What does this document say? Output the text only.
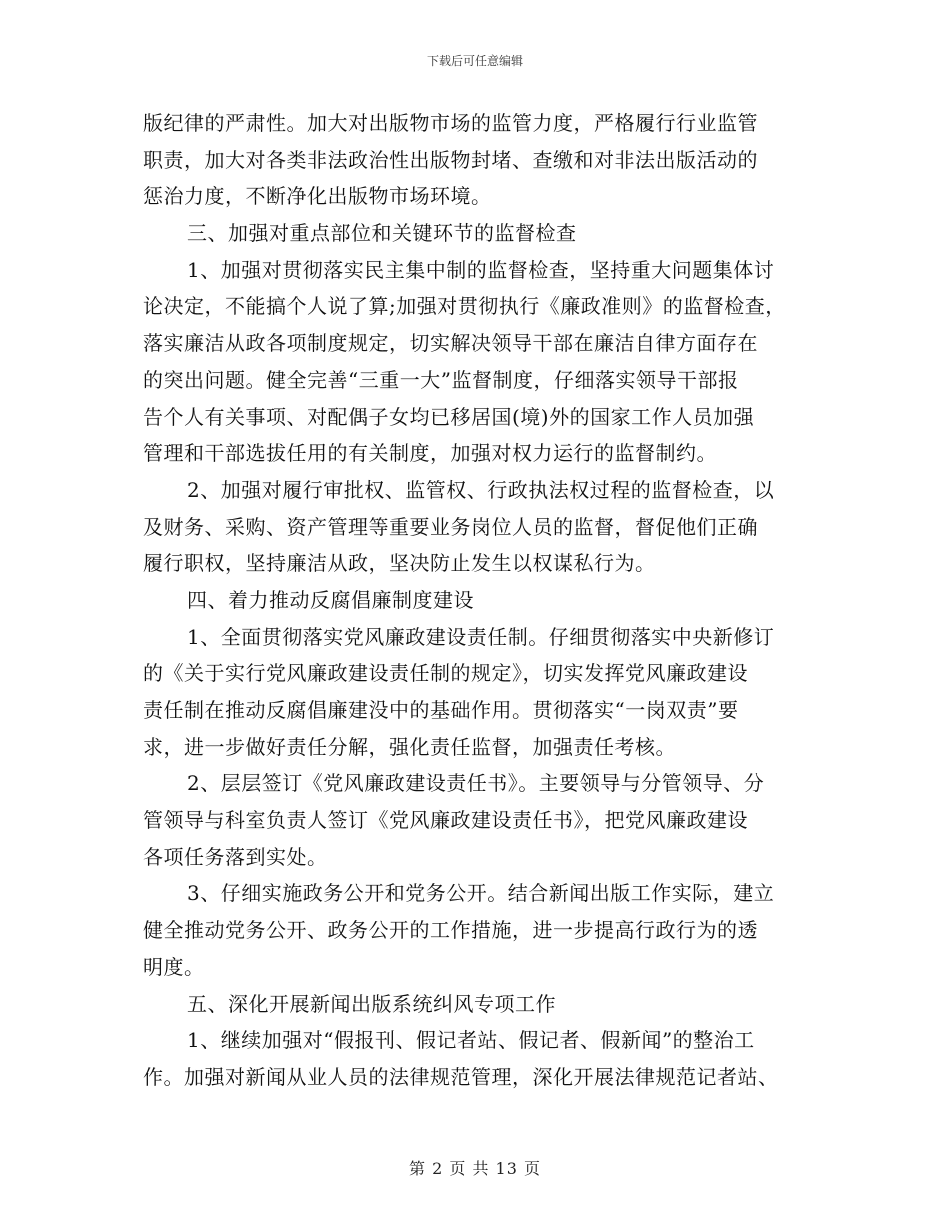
下载后可任意编辑
版纪律的严肃性。加大对出版物市场的监管力度，严格履行行业监管
职责，加大对各类非法政治性出版物封堵、查缴和对非法出版活动的
惩治力度，不断净化出版物市场环境。
三、加强对重点部位和关键环节的监督检查
1、加强对贯彻落实民主集中制的监督检查，坚持重大问题集体讨
论决定，不能搞个人说了算;加强对贯彻执行《廉政准则》的监督检查，
落实廉洁从政各项制度规定，切实解决领导干部在廉洁自律方面存在
的突出问题。健全完善“三重一大”监督制度，仔细落实领导干部报
告个人有关事项、对配偶子女均已移居国(境)外的国家工作人员加强
管理和干部选拔任用的有关制度，加强对权力运行的监督制约。
2、加强对履行审批权、监管权、行政执法权过程的监督检查，以
及财务、采购、资产管理等重要业务岗位人员的监督，督促他们正确
履行职权，坚持廉洁从政，坚决防止发生以权谋私行为。
四、着力推动反腐倡廉制度建设
1、全面贯彻落实党风廉政建设责任制。仔细贯彻落实中央新修订
的《关于实行党风廉政建设责任制的规定》，切实发挥党风廉政建设
责任制在推动反腐倡廉建没中的基础作用。贯彻落实“一岗双责”要
求，进一步做好责任分解，强化责任监督，加强责任考核。
2、层层签订《党风廉政建设责任书》。主要领导与分管领导、分
管领导与科室负责人签订《党风廉政建设责任书》，把党风廉政建设
各项任务落到实处。
3、仔细实施政务公开和党务公开。结合新闻出版工作实际，建立
健全推动党务公开、政务公开的工作措施，进一步提高行政行为的透
明度。
五、深化开展新闻出版系统纠风专项工作
1、继续加强对“假报刊、假记者站、假记者、假新闻”的整治工
作。加强对新闻从业人员的法律规范管理，深化开展法律规范记者站、
第 2 页 共 13 页
